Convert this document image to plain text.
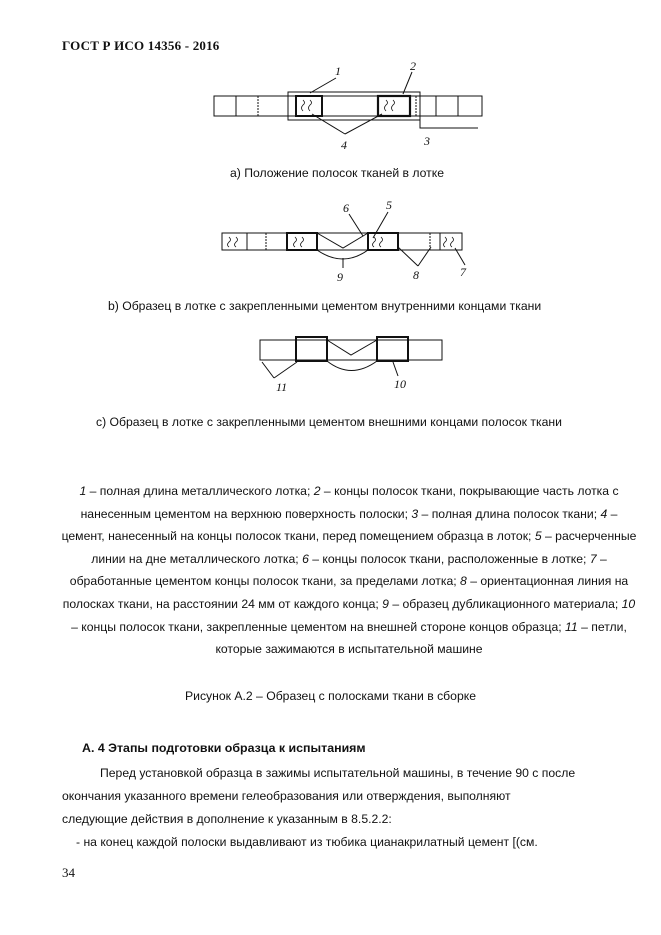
ГОСТ Р ИСО 14356 - 2016
1	2
3
4
5
6
7
8
9
10
11
а) Положение полосок тканей в лотке
b) Образец в лотке с закрепленными цементом внутренними концами ткани
c) Образец в лотке с закрепленными цементом внешними концами полосок ткани
1 – полная длина металлического лотка; 2 – концы полосок ткани, покрывающие часть лотка с нанесенным цементом на верхнюю поверхность полоски; 3 – полная длина полосок ткани; 4 – цемент, нанесенный на концы полосок ткани, перед помещением образца в лоток; 5 – расчерченные линии на дне металлического лотка; 6 – концы полосок ткани, расположенные в лотке; 7 – обработанные цементом концы полосок ткани, за пределами лотка; 8 – ориентационная линия на полосках ткани, на расстоянии 24 мм от каждого конца; 9 – образец дубликационного материала; 10 – концы полосок ткани, закрепленные цементом на внешней стороне концов образца; 11 – петли, которые зажимаются в испытательной машине
Рисунок А.2 – Образец с полосками ткани в сборке
А. 4 Этапы подготовки образца к испытаниям
Перед установкой образца в зажимы испытательной машины, в течение 90 с после
окончания указанного времени гелеобразования или отверждения, выполняют
следующие действия в дополнение к указанным в 8.5.2.2:
- на конец каждой полоски выдавливают из тюбика цианакрилатный цемент [(см.
34
